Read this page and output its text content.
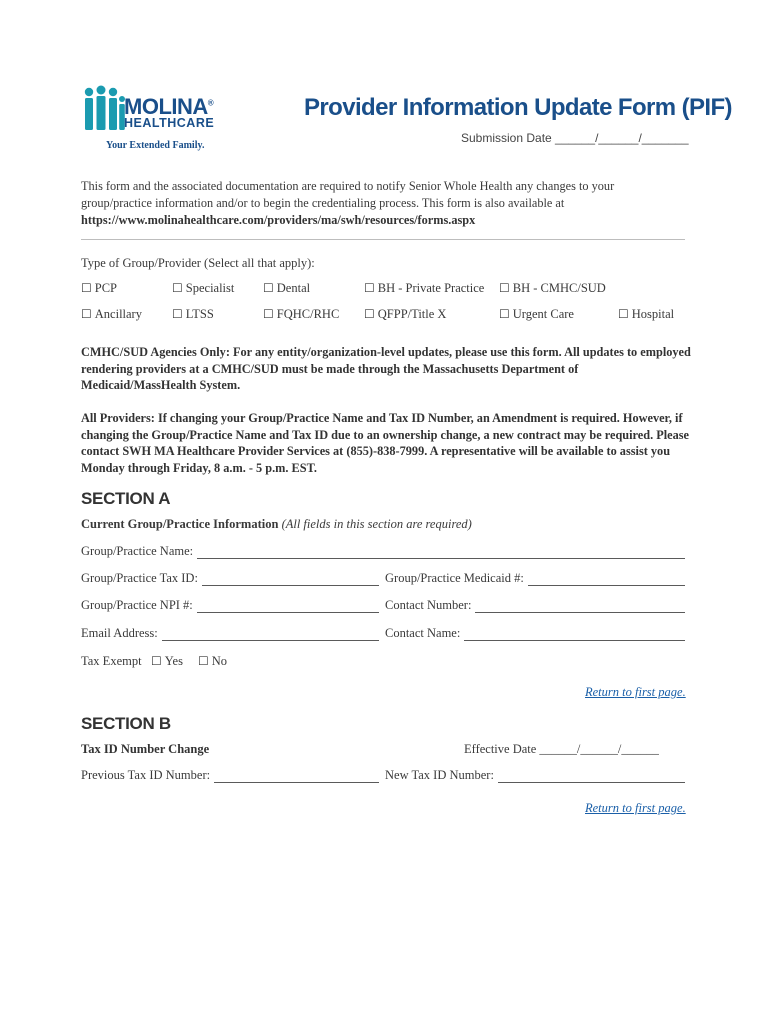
MOLINA®
HEALTHCARE
Your Extended Family.
Provider Information Update Form (PIF)
Submission Date ______/______/_______
This form and the associated documentation are required to notify Senior Whole Health any changes to your group/practice information and/or to begin the credentialing process. This form is also available at https://www.molinahealthcare.com/providers/ma/swh/resources/forms.aspx
Type of Group/Provider (Select all that apply):
☐ PCP	☐ Specialist ☐ Dental	☐ BH - Private Practice ☐ BH - CMHC/SUD
☐ Ancillary	☐ LTSS	☐ FQHC/RHC ☐ QFPP/Title X	☐ Urgent Care	☐ Hospital
CMHC/SUD Agencies Only: For any entity/organization-level updates, please use this form. All updates to employed rendering providers at a CMHC/SUD must be made through the Massachusetts Department of Medicaid/MassHealth System.
All Providers: If changing your Group/Practice Name and Tax ID Number, an Amendment is required. However, if changing the Group/Practice Name and Tax ID due to an ownership change, a new contract may be required. Please contact SWH MA Healthcare Provider Services at (855)-838-7999. A representative will be available to assist you Monday through Friday, 8 a.m. - 5 p.m. EST.
SECTION A
Current Group/Practice Information (All fields in this section are required)
Group/Practice Name:
Group/Practice Tax ID:	Group/Practice Medicaid #:
Group/Practice NPI #:	Contact Number:
Email Address:	Contact Name:
Tax Exempt ☐ Yes ☐ No
Return to first page.
SECTION B
Tax ID Number Change	Effective Date ______/______/______
Previous Tax ID Number:	New Tax ID Number:
Return to first page.
